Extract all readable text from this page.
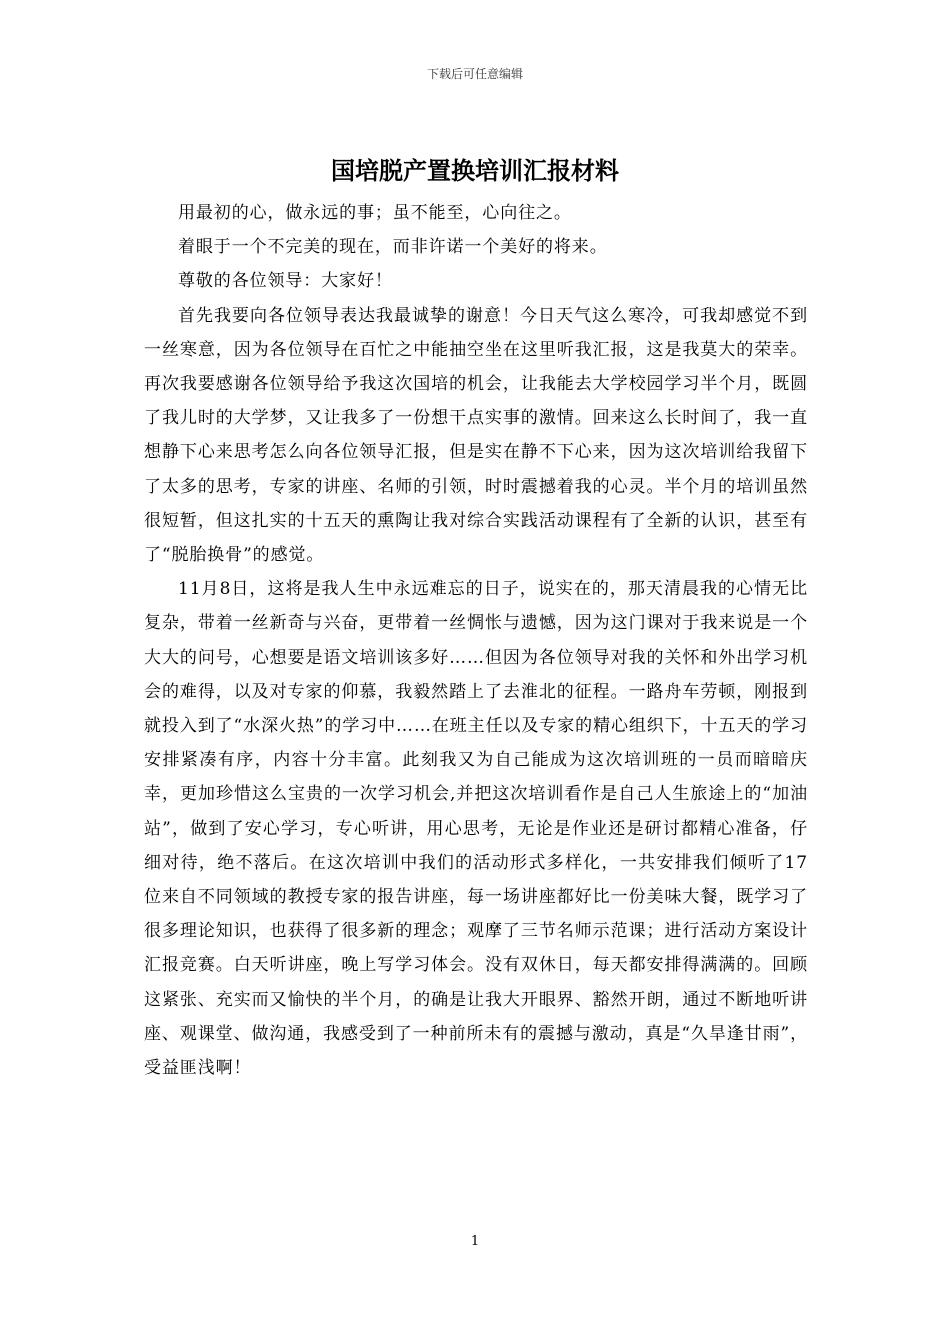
下载后可任意编辑
国培脱产置换培训汇报材料

用最初的心，做永远的事；虽不能至，心向往之。

着眼于一个不完美的现在，而非许诺一个美好的将来。

尊敬的各位领导：大家好！

首先我要向各位领导表达我最诚挚的谢意！今日天气这么寒冷，可我却感觉不到一丝寒意，因为各位领导在百忙之中能抽空坐在这里听我汇报，这是我莫大的荣幸。再次我要感谢各位领导给予我这次国培的机会，让我能去大学校园学习半个月，既圆了我儿时的大学梦，又让我多了一份想干点实事的激情。回来这么长时间了，我一直想静下心来思考怎么向各位领导汇报，但是实在静不下心来，因为这次培训给我留下了太多的思考，专家的讲座、名师的引领，时时震撼着我的心灵。半个月的培训虽然很短暂，但这扎实的十五天的熏陶让我对综合实践活动课程有了全新的认识，甚至有了“脱胎换骨”的感觉。

11月8日，这将是我人生中永远难忘的日子，说实在的，那天清晨我的心情无比复杂，带着一丝新奇与兴奋，更带着一丝惆怅与遗憾，因为这门课对于我来说是一个大大的问号，心想要是语文培训该多好……但因为各位领导对我的关怀和外出学习机会的难得，以及对专家的仰慕，我毅然踏上了去淮北的征程。一路舟车劳顿，刚报到就投入到了“水深火热”的学习中……在班主任以及专家的精心组织下，十五天的学习安排紧凑有序，内容十分丰富。此刻我又为自己能成为这次培训班的一员而暗暗庆幸，更加珍惜这么宝贵的一次学习机会,并把这次培训看作是自己人生旅途上的“加油站”，做到了安心学习，专心听讲，用心思考，无论是作业还是研讨都精心准备，仔细对待，绝不落后。在这次培训中我们的活动形式多样化，一共安排我们倾听了17位来自不同领域的教授专家的报告讲座，每一场讲座都好比一份美味大餐，既学习了很多理论知识，也获得了很多新的理念；观摩了三节名师示范课；进行活动方案设计汇报竞赛。白天听讲座，晚上写学习体会。没有双休日，每天都安排得满满的。回顾这紧张、充实而又愉快的半个月，的确是让我大开眼界、豁然开朗，通过不断地听讲座、观课堂、做沟通，我感受到了一种前所未有的震撼与激动，真是“久旱逢甘雨”，受益匪浅啊！

1
